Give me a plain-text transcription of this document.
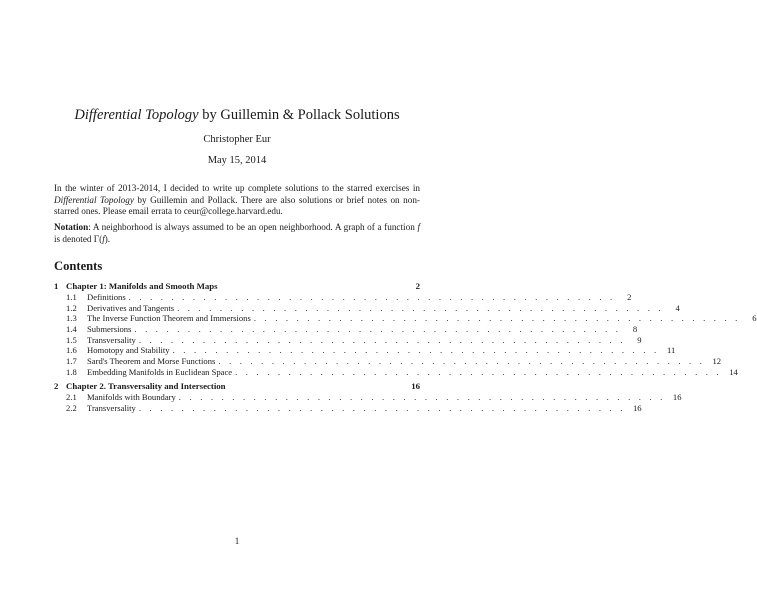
Differential Topology by Guillemin & Pollack Solutions
Christopher Eur
May 15, 2014
In the winter of 2013-2014, I decided to write up complete solutions to the starred exercises in Differential Topology by Guillemin and Pollack. There are also solutions or brief notes on non-starred ones. Please email errata to ceur@college.harvard.edu.
Notation: A neighborhood is always assumed to be an open neighborhood. A graph of a function f is denoted Γ(f).
Contents
1 Chapter 1: Manifolds and Smooth Maps	2
1.1	Definitions . . . . . . . . . . . . . . . . . . . . . . . . . . . . . . . . . . . . . . . . . . . . . .	2
1.2	Derivatives and Tangents . . . . . . . . . . . . . . . . . . . . . . . . . . . . . . . . . . . . . . . . . . . . . .	4
1.3	The Inverse Function Theorem and Immersions . . . . . . . . . . . . . . . . . . . . . . . . . . . . . . . . . . . . . . . . . . . . . .	6
1.4	Submersions . . . . . . . . . . . . . . . . . . . . . . . . . . . . . . . . . . . . . . . . . . . . . .	8
1.5	Transversality . . . . . . . . . . . . . . . . . . . . . . . . . . . . . . . . . . . . . . . . . . . . . .	9
1.6	Homotopy and Stability . . . . . . . . . . . . . . . . . . . . . . . . . . . . . . . . . . . . . . . . . . . . . . 11
1.7	Sard's Theorem and Morse Functions . . . . . . . . . . . . . . . . . . . . . . . . . . . . . . . . . . . . . . . . . . . . . . 12
1.8	Embedding Manifolds in Euclidean Space . . . . . . . . . . . . . . . . . . . . . . . . . . . . . . . . . . . . . . . . . . . . . . 14
2 Chapter 2. Transversality and Intersection	16
2.1	Manifolds with Boundary . . . . . . . . . . . . . . . . . . . . . . . . . . . . . . . . . . . . . . . . . . . . . . 16
2.2	Transversality . . . . . . . . . . . . . . . . . . . . . . . . . . . . . . . . . . . . . . . . . . . . . . 16
1
